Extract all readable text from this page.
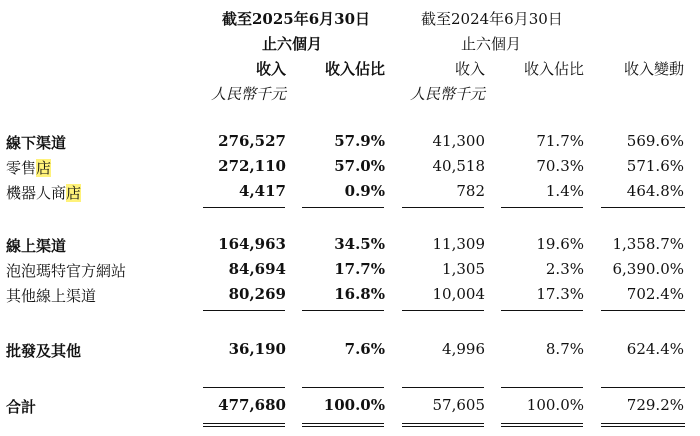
截至2025年6月30日
止六個月
截至2024年6月30日
止六個月
收入	收入佔比	收入	收入佔比	收入變動
人民幣千元	人民幣千元
線下渠道	276,527	57.9%	41,300	71.7%	569.6%
零售店	272,110	57.0%	40,518	70.3%	571.6%
機器人商店	4,417	0.9%	782	1.4%	464.8%
線上渠道	164,963	34.5%	11,309	19.6% 1,358.7%
泡泡瑪特官方網站	84,694	17.7%	1,305	2.3% 6,390.0%
其他線上渠道	80,269	16.8%	10,004	17.3%	702.4%
批發及其他	36,190	7.6%	4,996	8.7%	624.4%
合計	477,680	100.0%	57,605	100.0%	729.2%
